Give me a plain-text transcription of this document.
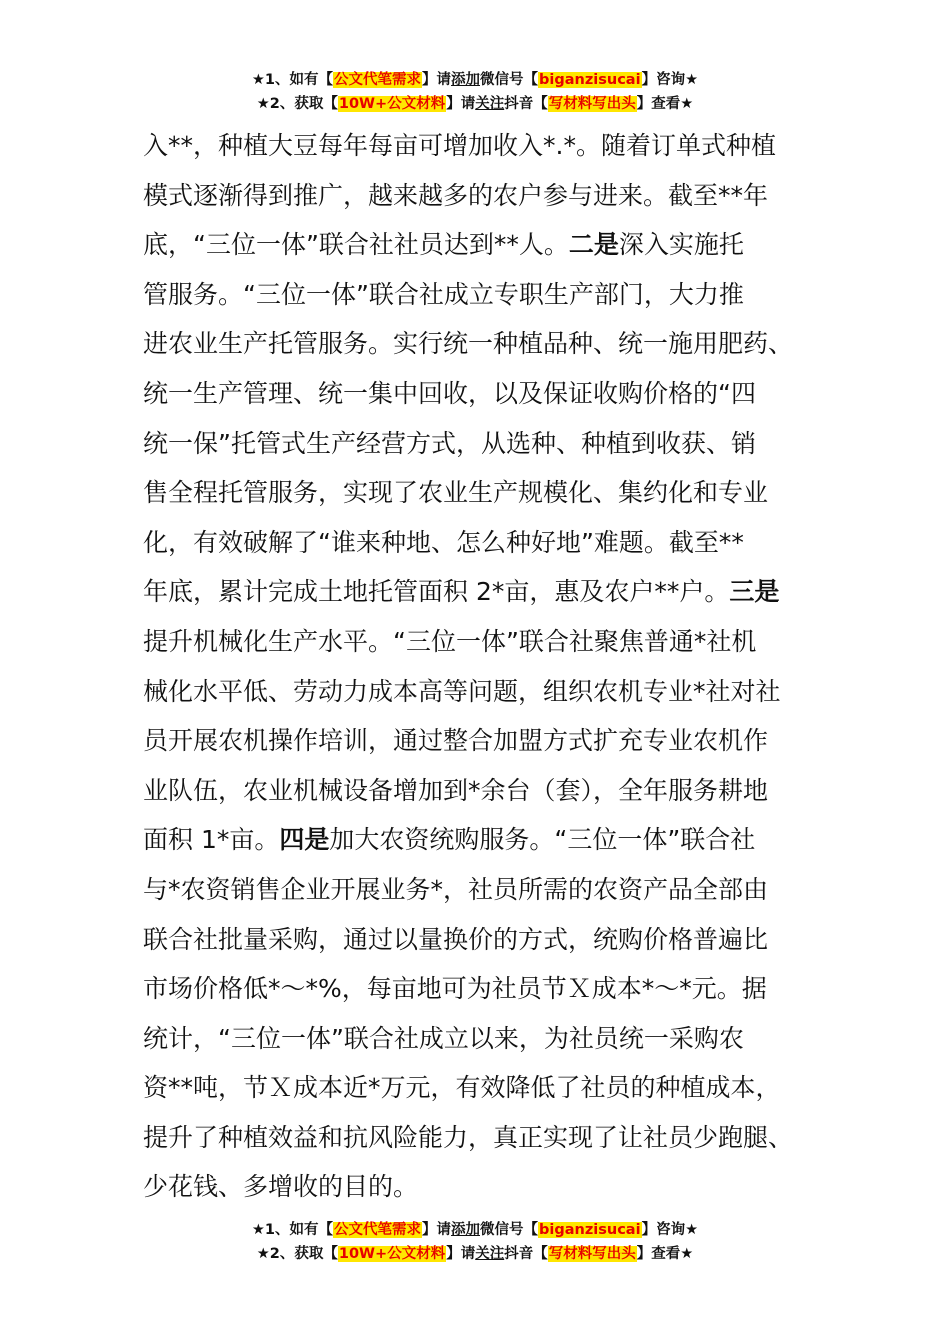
★1、如有【公文代笔需求】请添加微信号【biganzisucai】咨询★
★2、获取【10W+公文材料】请关注抖音【写材料写出头】查看★
入**，种植大豆每年每亩可增加收入*.*。随着订单式种植
模式逐渐得到推广，越来越多的农户参与进来。截至**年
底，“三位一体”联合社社员达到**人。二是深入实施托
管服务。“三位一体”联合社成立专职生产部门，大力推
进农业生产托管服务。实行统一种植品种、统一施用肥药、
统一生产管理、统一集中回收，以及保证收购价格的“四
统一保”托管式生产经营方式，从选种、种植到收获、销
售全程托管服务，实现了农业生产规模化、集约化和专业
化，有效破解了“谁来种地、怎么种好地”难题。截至**
年底，累计完成土地托管面积 2*亩，惠及农户**户。三是
提升机械化生产水平。“三位一体”联合社聚焦普通*社机
械化水平低、劳动力成本高等问题，组织农机专业*社对社
员开展农机操作培训，通过整合加盟方式扩充专业农机作
业队伍，农业机械设备增加到*余台（套），全年服务耕地
面积 1*亩。四是加大农资统购服务。“三位一体”联合社
与*农资销售企业开展业务*，社员所需的农资产品全部由
联合社批量采购，通过以量换价的方式，统购价格普遍比
市场价格低*～*%，每亩地可为社员节Ｘ成本*～*元。据
统计，“三位一体”联合社成立以来，为社员统一采购农
资**吨，节Ｘ成本近*万元，有效降低了社员的种植成本，
提升了种植效益和抗风险能力，真正实现了让社员少跑腿、
少花钱、多增收的目的。
★1、如有【公文代笔需求】请添加微信号【biganzisucai】咨询★
★2、获取【10W+公文材料】请关注抖音【写材料写出头】查看★
